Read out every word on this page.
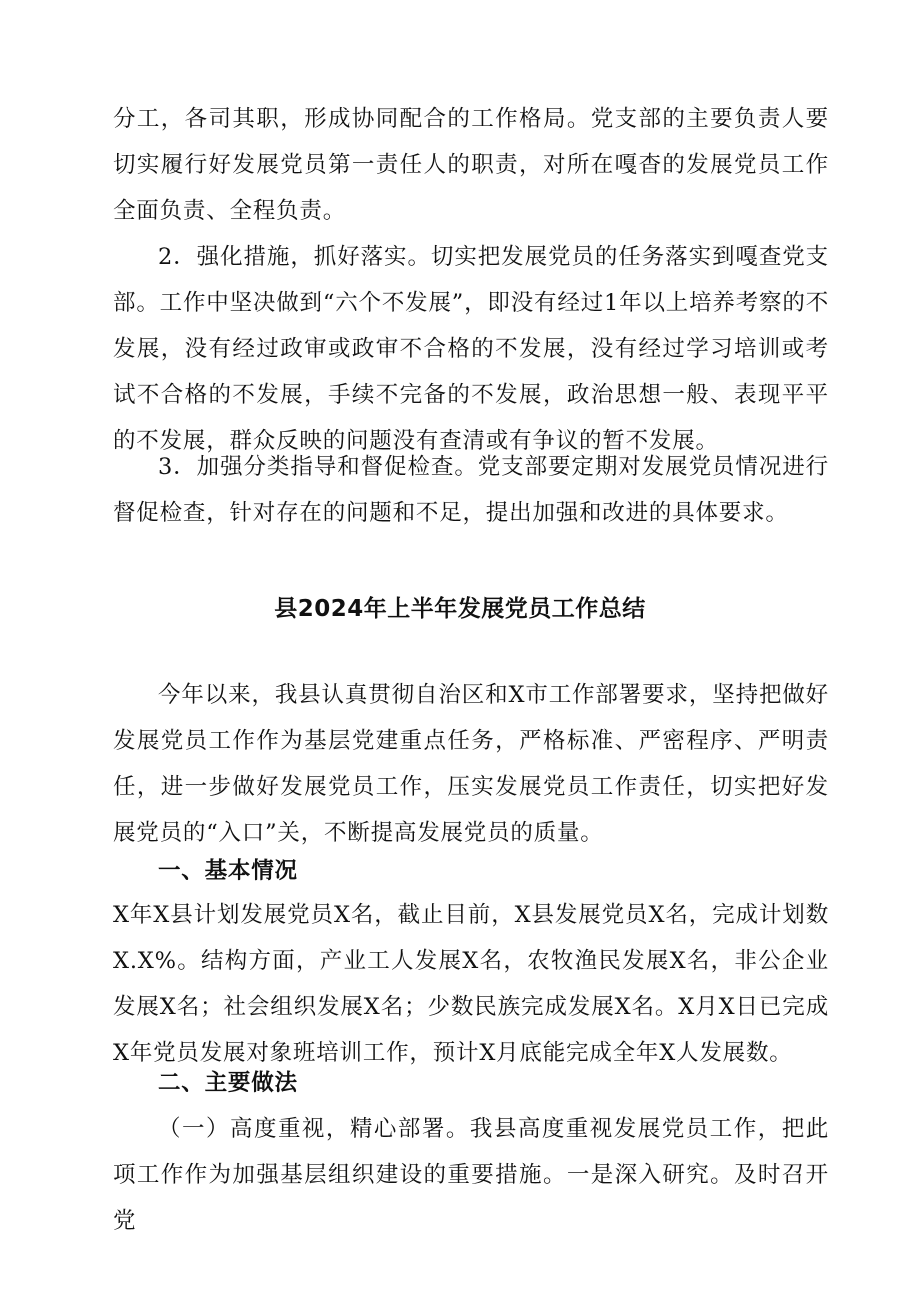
分工，各司其职，形成协同配合的工作格局。党支部的主要负责人要切实履行好发展党员第一责任人的职责，对所在嘎杳的发展党员工作全面负责、全程负责。

2．强化措施，抓好落实。切实把发展党员的任务落实到嘎查党支部。工作中坚决做到“六个不发展”，即没有经过1年以上培养考察的不发展，没有经过政审或政审不合格的不发展，没有经过学习培训或考试不合格的不发展，手续不完备的不发展，政治思想一般、表现平平的不发展，群众反映的问题没有查清或有争议的暂不发展。

3．加强分类指导和督促检查。党支部要定期对发展党员情况进行督促检查，针对存在的问题和不足，提出加强和改进的具体要求。

县2024年上半年发展党员工作总结

今年以来，我县认真贯彻自治区和X市工作部署要求，坚持把做好发展党员工作作为基层党建重点任务，严格标准、严密程序、严明责任，进一步做好发展党员工作，压实发展党员工作责任，切实把好发展党员的“入口”关，不断提高发展党员的质量。

一、基本情况

X年X县计划发展党员X名，截止目前，X县发展党员X名，完成计划数X.X%。结构方面，产业工人发展X名，农牧渔民发展X名，非公企业发展X名；社会组织发展X名；少数民族完成发展X名。X月X日已完成X年党员发展对象班培训工作，预计X月底能完成全年X人发展数。

二、主要做法

（一）高度重视，精心部署。我县高度重视发展党员工作，把此项工作作为加强基层组织建设的重要措施。一是深入研究。及时召开党
